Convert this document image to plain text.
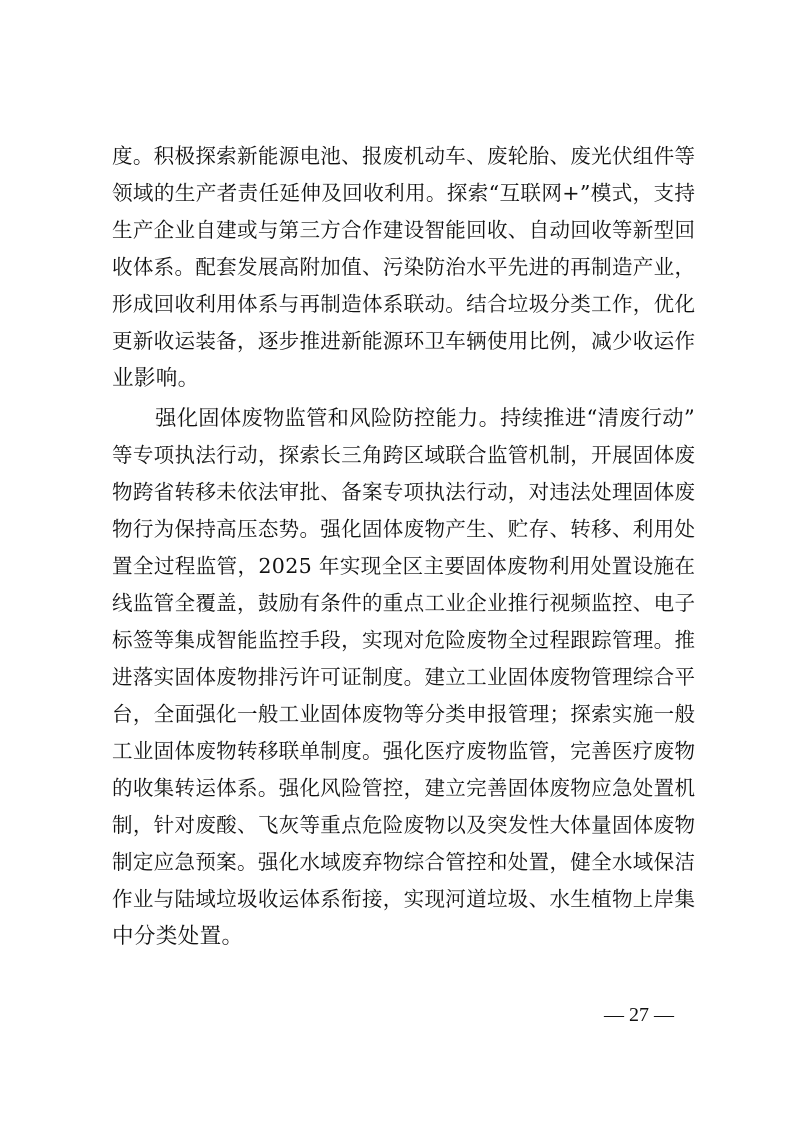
度。积极探索新能源电池、报废机动车、废轮胎、废光伏组件等
领域的生产者责任延伸及回收利用。探索“互联网+”模式，支持
生产企业自建或与第三方合作建设智能回收、自动回收等新型回
收体系。配套发展高附加值、污染防治水平先进的再制造产业，
形成回收利用体系与再制造体系联动。结合垃圾分类工作，优化
更新收运装备，逐步推进新能源环卫车辆使用比例，减少收运作
业影响。

　　强化固体废物监管和风险防控能力。持续推进“清废行动”
等专项执法行动，探索长三角跨区域联合监管机制，开展固体废
物跨省转移未依法审批、备案专项执法行动，对违法处理固体废
物行为保持高压态势。强化固体废物产生、贮存、转移、利用处
置全过程监管，2025 年实现全区主要固体废物利用处置设施在
线监管全覆盖，鼓励有条件的重点工业企业推行视频监控、电子
标签等集成智能监控手段，实现对危险废物全过程跟踪管理。推
进落实固体废物排污许可证制度。建立工业固体废物管理综合平
台，全面强化一般工业固体废物等分类申报管理；探索实施一般
工业固体废物转移联单制度。强化医疗废物监管，完善医疗废物
的收集转运体系。强化风险管控，建立完善固体废物应急处置机
制，针对废酸、飞灰等重点危险废物以及突发性大体量固体废物
制定应急预案。强化水域废弃物综合管控和处置，健全水域保洁
作业与陆域垃圾收运体系衔接，实现河道垃圾、水生植物上岸集
中分类处置。

— 27 —
